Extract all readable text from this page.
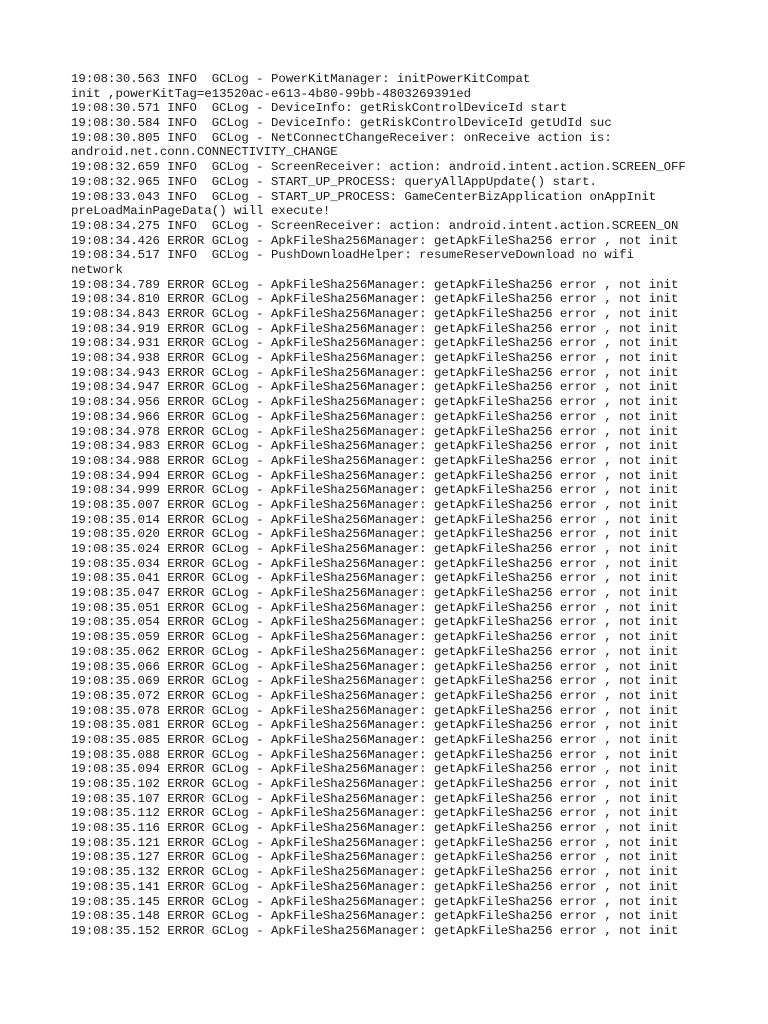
19:08:30.563 INFO  GCLog - PowerKitManager: initPowerKitCompat
init ,powerKitTag=e13520ac-e613-4b80-99bb-4803269391ed
19:08:30.571 INFO  GCLog - DeviceInfo: getRiskControlDeviceId start
19:08:30.584 INFO  GCLog - DeviceInfo: getRiskControlDeviceId getUdId suc
19:08:30.805 INFO  GCLog - NetConnectChangeReceiver: onReceive action is:
android.net.conn.CONNECTIVITY_CHANGE
19:08:32.659 INFO  GCLog - ScreenReceiver: action: android.intent.action.SCREEN_OFF
19:08:32.965 INFO  GCLog - START_UP_PROCESS: queryAllAppUpdate() start.
19:08:33.043 INFO  GCLog - START_UP_PROCESS: GameCenterBizApplication onAppInit
preLoadMainPageData() will execute!
19:08:34.275 INFO  GCLog - ScreenReceiver: action: android.intent.action.SCREEN_ON
19:08:34.426 ERROR GCLog - ApkFileSha256Manager: getApkFileSha256 error , not init
19:08:34.517 INFO  GCLog - PushDownloadHelper: resumeReserveDownload no wifi
network
19:08:34.789 ERROR GCLog - ApkFileSha256Manager: getApkFileSha256 error , not init
19:08:34.810 ERROR GCLog - ApkFileSha256Manager: getApkFileSha256 error , not init
19:08:34.843 ERROR GCLog - ApkFileSha256Manager: getApkFileSha256 error , not init
19:08:34.919 ERROR GCLog - ApkFileSha256Manager: getApkFileSha256 error , not init
19:08:34.931 ERROR GCLog - ApkFileSha256Manager: getApkFileSha256 error , not init
19:08:34.938 ERROR GCLog - ApkFileSha256Manager: getApkFileSha256 error , not init
19:08:34.943 ERROR GCLog - ApkFileSha256Manager: getApkFileSha256 error , not init
19:08:34.947 ERROR GCLog - ApkFileSha256Manager: getApkFileSha256 error , not init
19:08:34.956 ERROR GCLog - ApkFileSha256Manager: getApkFileSha256 error , not init
19:08:34.966 ERROR GCLog - ApkFileSha256Manager: getApkFileSha256 error , not init
19:08:34.978 ERROR GCLog - ApkFileSha256Manager: getApkFileSha256 error , not init
19:08:34.983 ERROR GCLog - ApkFileSha256Manager: getApkFileSha256 error , not init
19:08:34.988 ERROR GCLog - ApkFileSha256Manager: getApkFileSha256 error , not init
19:08:34.994 ERROR GCLog - ApkFileSha256Manager: getApkFileSha256 error , not init
19:08:34.999 ERROR GCLog - ApkFileSha256Manager: getApkFileSha256 error , not init
19:08:35.007 ERROR GCLog - ApkFileSha256Manager: getApkFileSha256 error , not init
19:08:35.014 ERROR GCLog - ApkFileSha256Manager: getApkFileSha256 error , not init
19:08:35.020 ERROR GCLog - ApkFileSha256Manager: getApkFileSha256 error , not init
19:08:35.024 ERROR GCLog - ApkFileSha256Manager: getApkFileSha256 error , not init
19:08:35.034 ERROR GCLog - ApkFileSha256Manager: getApkFileSha256 error , not init
19:08:35.041 ERROR GCLog - ApkFileSha256Manager: getApkFileSha256 error , not init
19:08:35.047 ERROR GCLog - ApkFileSha256Manager: getApkFileSha256 error , not init
19:08:35.051 ERROR GCLog - ApkFileSha256Manager: getApkFileSha256 error , not init
19:08:35.054 ERROR GCLog - ApkFileSha256Manager: getApkFileSha256 error , not init
19:08:35.059 ERROR GCLog - ApkFileSha256Manager: getApkFileSha256 error , not init
19:08:35.062 ERROR GCLog - ApkFileSha256Manager: getApkFileSha256 error , not init
19:08:35.066 ERROR GCLog - ApkFileSha256Manager: getApkFileSha256 error , not init
19:08:35.069 ERROR GCLog - ApkFileSha256Manager: getApkFileSha256 error , not init
19:08:35.072 ERROR GCLog - ApkFileSha256Manager: getApkFileSha256 error , not init
19:08:35.078 ERROR GCLog - ApkFileSha256Manager: getApkFileSha256 error , not init
19:08:35.081 ERROR GCLog - ApkFileSha256Manager: getApkFileSha256 error , not init
19:08:35.085 ERROR GCLog - ApkFileSha256Manager: getApkFileSha256 error , not init
19:08:35.088 ERROR GCLog - ApkFileSha256Manager: getApkFileSha256 error , not init
19:08:35.094 ERROR GCLog - ApkFileSha256Manager: getApkFileSha256 error , not init
19:08:35.102 ERROR GCLog - ApkFileSha256Manager: getApkFileSha256 error , not init
19:08:35.107 ERROR GCLog - ApkFileSha256Manager: getApkFileSha256 error , not init
19:08:35.112 ERROR GCLog - ApkFileSha256Manager: getApkFileSha256 error , not init
19:08:35.116 ERROR GCLog - ApkFileSha256Manager: getApkFileSha256 error , not init
19:08:35.121 ERROR GCLog - ApkFileSha256Manager: getApkFileSha256 error , not init
19:08:35.127 ERROR GCLog - ApkFileSha256Manager: getApkFileSha256 error , not init
19:08:35.132 ERROR GCLog - ApkFileSha256Manager: getApkFileSha256 error , not init
19:08:35.141 ERROR GCLog - ApkFileSha256Manager: getApkFileSha256 error , not init
19:08:35.145 ERROR GCLog - ApkFileSha256Manager: getApkFileSha256 error , not init
19:08:35.148 ERROR GCLog - ApkFileSha256Manager: getApkFileSha256 error , not init
19:08:35.152 ERROR GCLog - ApkFileSha256Manager: getApkFileSha256 error , not init
